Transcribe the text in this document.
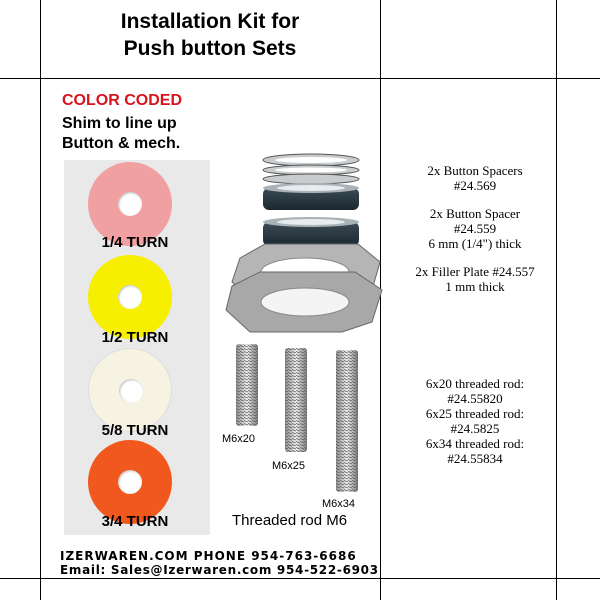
Installation Kit for
Push button Sets
COLOR CODED
Shim to line up
Button & mech.
1/4 TURN
1/2 TURN
5/8 TURN
3/4 TURN
M6x20
M6x25
M6x34
Threaded rod M6
IZERWAREN.COM PHONE 954-763-6686
Email: Sales@Izerwaren.com 954-522-6903
2x Button Spacers
#24.569
2x Button Spacer
#24.559
6 mm (1/4") thick
2x Filler Plate #24.557
1 mm thick
6x20 threaded rod:
#24.55820
6x25 threaded rod:
#24.5825
6x34 threaded rod:
#24.55834
